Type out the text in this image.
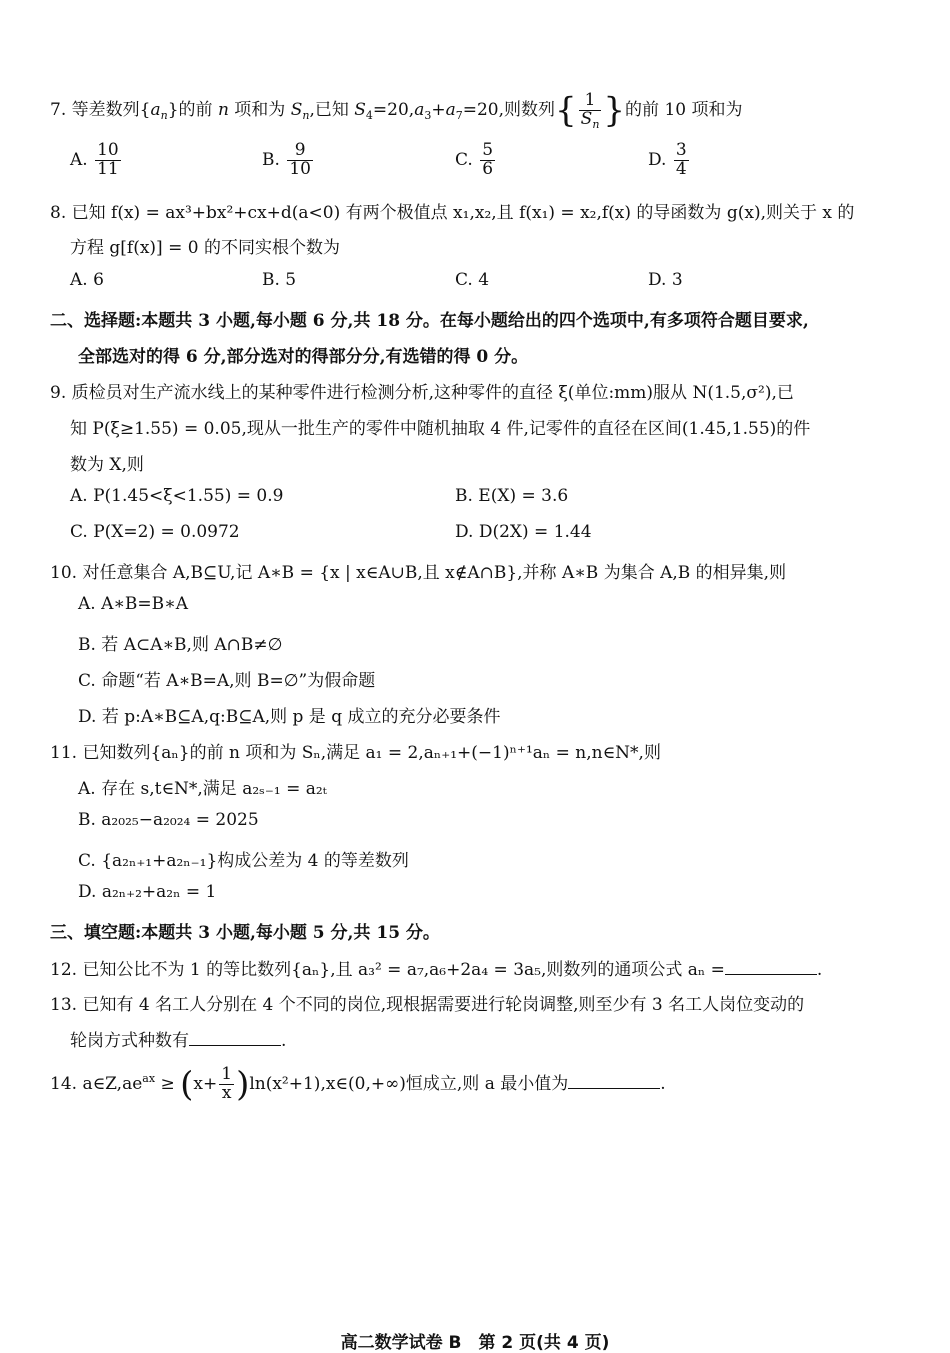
7. 等差数列$\{a_n\}$的前 n 项和为 $S_n$,已知 $S_4=20,a_3+a_7=20$,则数列{ $\frac{1}{S_n}$ }的前 10 项和为
A. $\frac{10}{11}$	B. $\frac{9}{10}$	C. $\frac{5}{6}$	D. $\frac{3}{4}$
8. 已知 f(x) = ax³+bx²+cx+d(a<0) 有两个极值点 x₁,x₂,且 f(x₁) = x₂,f(x) 的导函数为 g(x),则关于 x 的
方程 g[f(x)] = 0 的不同实根个数为
A. 6	B. 5	C. 4	D. 3
二、选择题:本题共 3 小题,每小题 6 分,共 18 分。在每小题给出的四个选项中,有多项符合题目要求,
全部选对的得 6 分,部分选对的得部分分,有选错的得 0 分。
9. 质检员对生产流水线上的某种零件进行检测分析,这种零件的直径 ξ(单位:mm)服从 N(1.5,σ²),已
知 P(ξ≥1.55) = 0.05,现从一批生产的零件中随机抽取 4 件,记零件的直径在区间(1.45,1.55)的件
数为 X,则
A. P(1.45<ξ<1.55) = 0.9	B. E(X) = 3.6
C. P(X=2) = 0.0972	D. D(2X) = 1.44
10. 对任意集合 A,B⊆U,记 A∗B = {x | x∈A∪B,且 x∉A∩B},并称 A∗B 为集合 A,B 的相异集,则
A. A∗B=B∗A
B. 若 A⊂A∗B,则 A∩B≠∅
C. 命题“若 A∗B=A,则 B=∅”为假命题
D. 若 p:A∗B⊆A,q:B⊆A,则 p 是 q 成立的充分必要条件
11. 已知数列{aₙ}的前 n 项和为 Sₙ,满足 a₁ = 2,aₙ₊₁+(−1)ⁿ⁺¹aₙ = n,n∈N*,则
A. 存在 s,t∈N*,满足 a₂ₛ₋₁ = a₂ₜ
B. a₂₀₂₅−a₂₀₂₄ = 2025
C. {a₂ₙ₊₁+a₂ₙ₋₁}构成公差为 4 的等差数列
D. a₂ₙ₊₂+a₂ₙ = 1
三、填空题:本题共 3 小题,每小题 5 分,共 15 分。
12. 已知公比不为 1 的等比数列{aₙ},且 a₃² = a₇,a₆+2a₄ = 3a₅,则数列的通项公式 aₙ =	.
13. 已知有 4 名工人分别在 4 个不同的岗位,现根据需要进行轮岗调整,则至少有 3 名工人岗位变动的
轮岗方式种数有	.
14. $a\in Z,ae^{ax} \ge (x+ \frac{1}{x}$ )ln(x²+1),x∈(0,+∞)恒成立,则 a 最小值为	.
高二数学试卷 B　第 2 页(共 4 页)
